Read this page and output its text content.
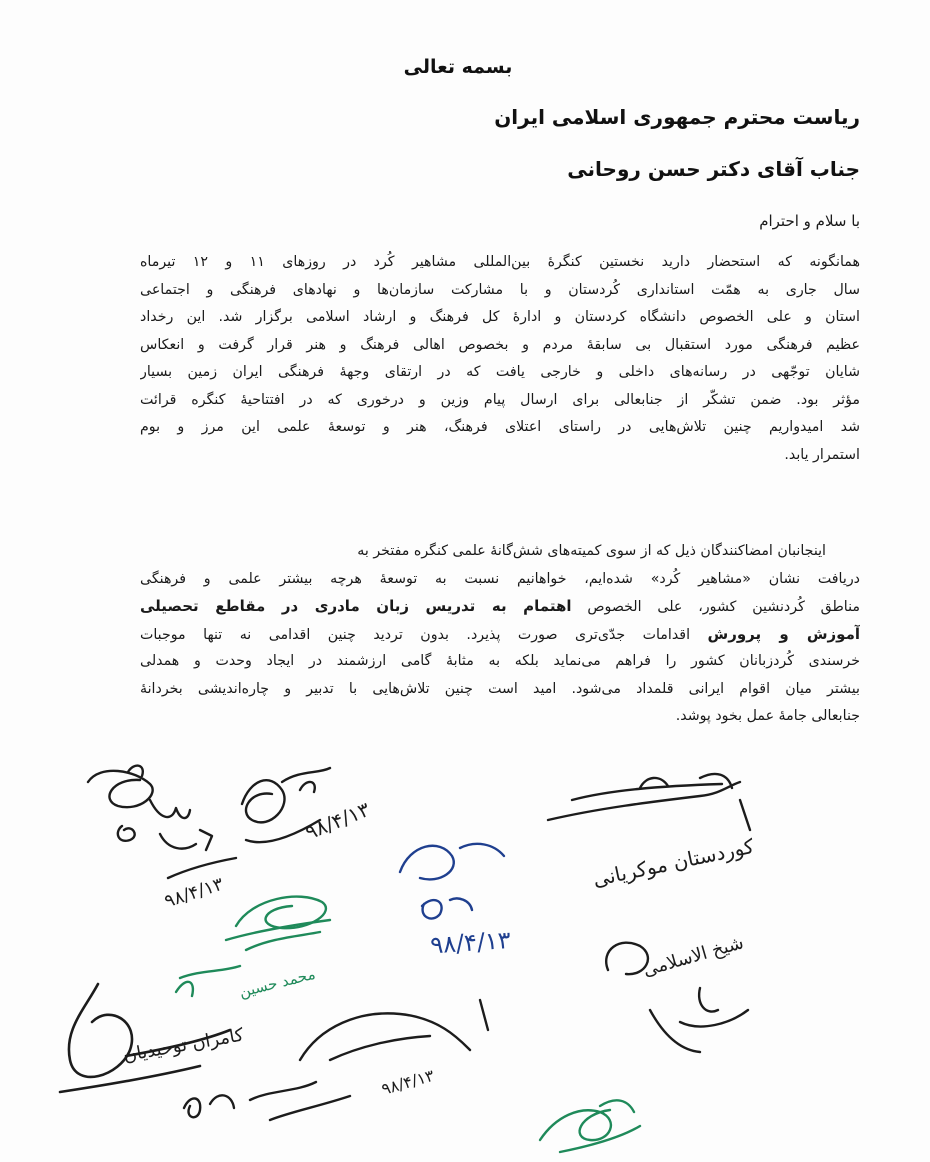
بسمه تعالی
ریاست محترم جمهوری اسلامی ایران
جناب آقای دکتر حسن روحانی
با سلام و احترام
همانگونه که استحضار دارید نخستین کنگرهٔ بین‌المللی مشاهیر کُرد در روزهای ۱۱ و ۱۲ تیرماه
سال جاری به همّت استانداری کُردستان و با مشارکت سازمان‌ها و نهادهای فرهنگی و اجتماعی
استان و علی الخصوص دانشگاه کردستان و ادارهٔ کل فرهنگ و ارشاد اسلامی برگزار شد. این رخداد
عظیم فرهنگی مورد استقبال بی سابقهٔ مردم و بخصوص اهالی فرهنگ و هنر قرار گرفت و انعکاس
شایان توجّهی در رسانه‌های داخلی و خارجی یافت که در ارتقای وجههٔ فرهنگی ایران زمین بسیار
مؤثر بود. ضمن تشکّر از جنابعالی برای ارسال پیام وزین و درخوری که در افتتاحیهٔ کنگره قرائت
شد امیدواریم چنین تلاش‌هایی در راستای اعتلای فرهنگ، هنر و توسعهٔ علمی این مرز و بوم
استمرار یابد.
اینجانبان امضاکنندگان ذیل که از سوی کمیته‌های شش‌گانهٔ علمی کنگره مفتخر به
دریافت نشان «مشاهیر کُرد» شده‌ایم، خواهانیم نسبت به توسعهٔ هرچه بیشتر علمی و فرهنگی
مناطق کُردنشین کشور، علی الخصوص اهتمام به تدریس زبان مادری در مقاطع تحصیلی
آموزش و پرورش اقدامات جدّی‌تری صورت پذیرد. بدون تردید چنین اقدامی نه تنها موجبات
خرسندی کُردزبانان کشور را فراهم می‌نماید بلکه به مثابهٔ گامی ارزشمند در ایجاد وحدت و همدلی
بیشتر میان اقوام ایرانی قلمداد می‌شود. امید است چنین تلاش‌هایی با تدبیر و چاره‌اندیشی بخردانهٔ
جنابعالی جامهٔ عمل بخود پوشد.
۹۸/۴/۱۳
۹۸/۴/۱۳
کوردستان موکریانی
۹۸/۴/۱۳
محمد حسین
شیخ الاسلامی
کامران توحیدیان
۹۸/۴/۱۳
